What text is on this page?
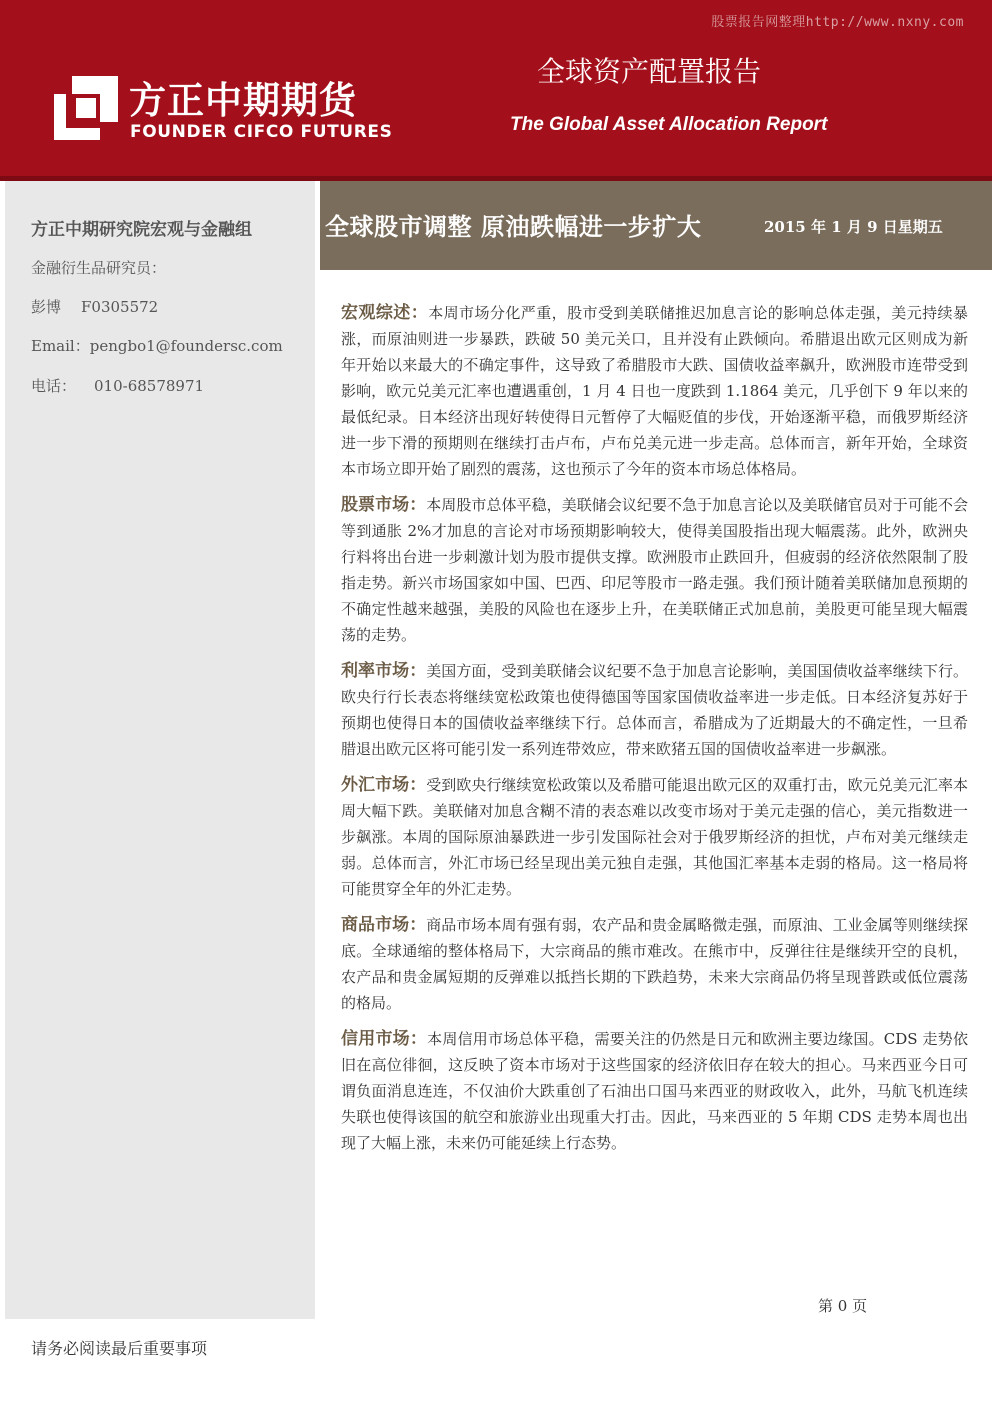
股票报告网整理http://www.nxny.com
方正中期期货
FOUNDER CIFCO FUTURES
全球资产配置报告
The Global Asset Allocation Report
方正中期研究院宏观与金融组
金融衍生品研究员：
彭博 F0305572
Email：pengbo1@foundersc.com
电话： 010-68578971
全球股市调整 原油跌幅进一步扩大	2015 年 1 月 9 日星期五

宏观综述：本周市场分化严重，股市受到美联储推迟加息言论的影响总体走强，美元持续暴涨，而原油则进一步暴跌，跌破 50 美元关口，且并没有止跌倾向。希腊退出欧元区则成为新年开始以来最大的不确定事件，这导致了希腊股市大跌、国债收益率飙升，欧洲股市连带受到影响，欧元兑美元汇率也遭遇重创，1 月 4 日也一度跌到 1.1864 美元，几乎创下 9 年以来的最低纪录。日本经济出现好转使得日元暂停了大幅贬值的步伐，开始逐渐平稳，而俄罗斯经济进一步下滑的预期则在继续打击卢布，卢布兑美元进一步走高。总体而言，新年开始，全球资本市场立即开始了剧烈的震荡，这也预示了今年的资本市场总体格局。

股票市场：本周股市总体平稳，美联储会议纪要不急于加息言论以及美联储官员对于可能不会等到通胀 2%才加息的言论对市场预期影响较大，使得美国股指出现大幅震荡。此外，欧洲央行料将出台进一步刺激计划为股市提供支撑。欧洲股市止跌回升，但疲弱的经济依然限制了股指走势。新兴市场国家如中国、巴西、印尼等股市一路走强。我们预计随着美联储加息预期的不确定性越来越强，美股的风险也在逐步上升，在美联储正式加息前，美股更可能呈现大幅震荡的走势。

利率市场：美国方面，受到美联储会议纪要不急于加息言论影响，美国国债收益率继续下行。欧央行行长表态将继续宽松政策也使得德国等国家国债收益率进一步走低。日本经济复苏好于预期也使得日本的国债收益率继续下行。总体而言，希腊成为了近期最大的不确定性，一旦希腊退出欧元区将可能引发一系列连带效应，带来欧猪五国的国债收益率进一步飙涨。

外汇市场：受到欧央行继续宽松政策以及希腊可能退出欧元区的双重打击，欧元兑美元汇率本周大幅下跌。美联储对加息含糊不清的表态难以改变市场对于美元走强的信心，美元指数进一步飙涨。本周的国际原油暴跌进一步引发国际社会对于俄罗斯经济的担忧，卢布对美元继续走弱。总体而言，外汇市场已经呈现出美元独自走强，其他国汇率基本走弱的格局。这一格局将可能贯穿全年的外汇走势。

商品市场：商品市场本周有强有弱，农产品和贵金属略微走强，而原油、工业金属等则继续探底。全球通缩的整体格局下，大宗商品的熊市难改。在熊市中，反弹往往是继续开空的良机，农产品和贵金属短期的反弹难以抵挡长期的下跌趋势，未来大宗商品仍将呈现普跌或低位震荡的格局。

信用市场：本周信用市场总体平稳，需要关注的仍然是日元和欧洲主要边缘国。CDS 走势依旧在高位徘徊，这反映了资本市场对于这些国家的经济依旧存在较大的担心。马来西亚今日可谓负面消息连连，不仅油价大跌重创了石油出口国马来西亚的财政收入，此外，马航飞机连续失联也使得该国的航空和旅游业出现重大打击。因此，马来西亚的 5 年期 CDS 走势本周也出现了大幅上涨，未来仍可能延续上行态势。

第 0 页
请务必阅读最后重要事项
